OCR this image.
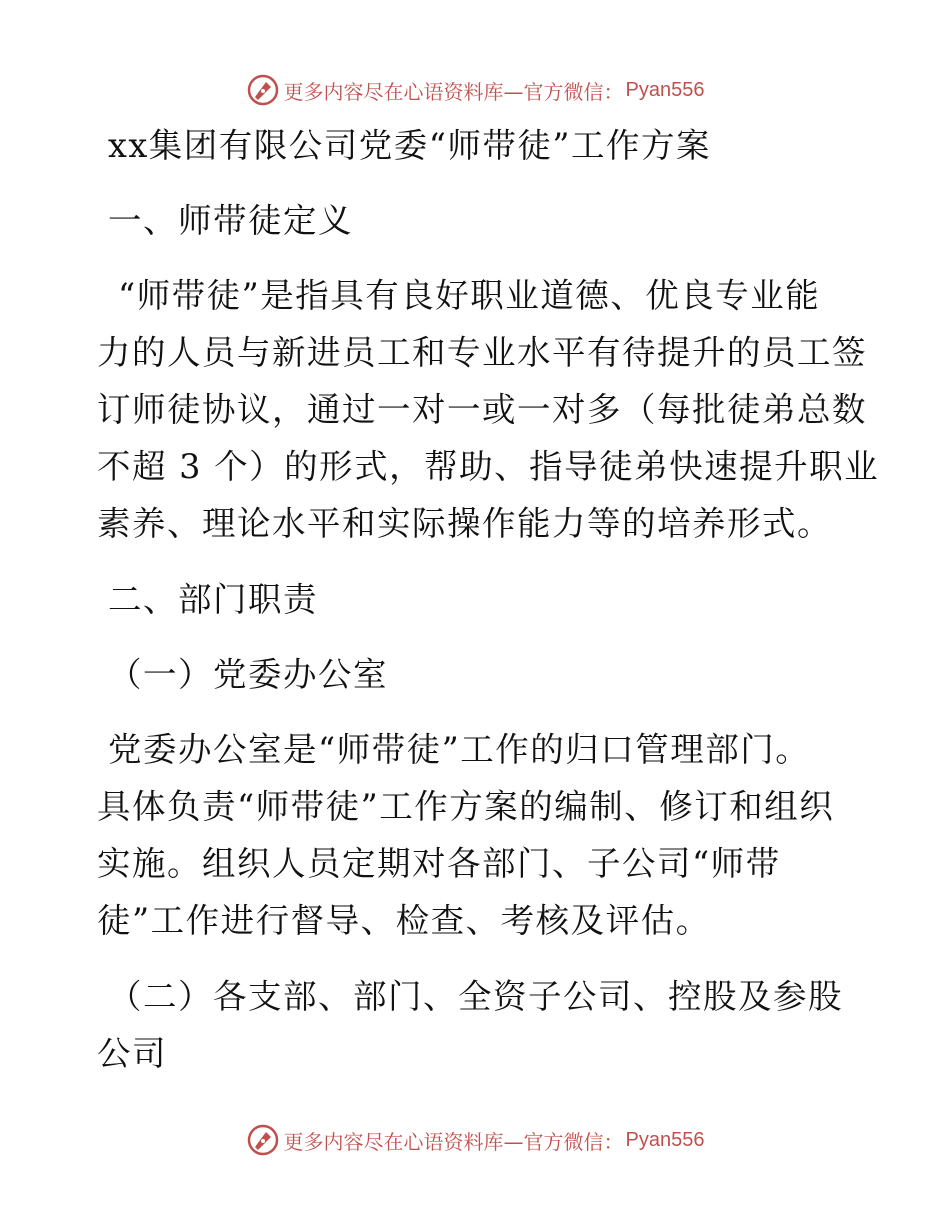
更多内容尽在心语资料库—官方微信： Pyan556
xx集团有限公司党委“师带徒”工作方案
一、师带徒定义
“师带徒”是指具有良好职业道德、优良专业能
力的人员与新进员工和专业水平有待提升的员工签
订师徒协议，通过一对一或一对多（每批徒弟总数
不超 3 个）的形式，帮助、指导徒弟快速提升职业
素养、理论水平和实际操作能力等的培养形式。
二、部门职责
（一）党委办公室
党委办公室是“师带徒”工作的归口管理部门。
具体负责“师带徒”工作方案的编制、修订和组织
实施。组织人员定期对各部门、子公司“师带
徒”工作进行督导、检查、考核及评估。
（二）各支部、部门、全资子公司、控股及参股
公司
更多内容尽在心语资料库—官方微信： Pyan556
